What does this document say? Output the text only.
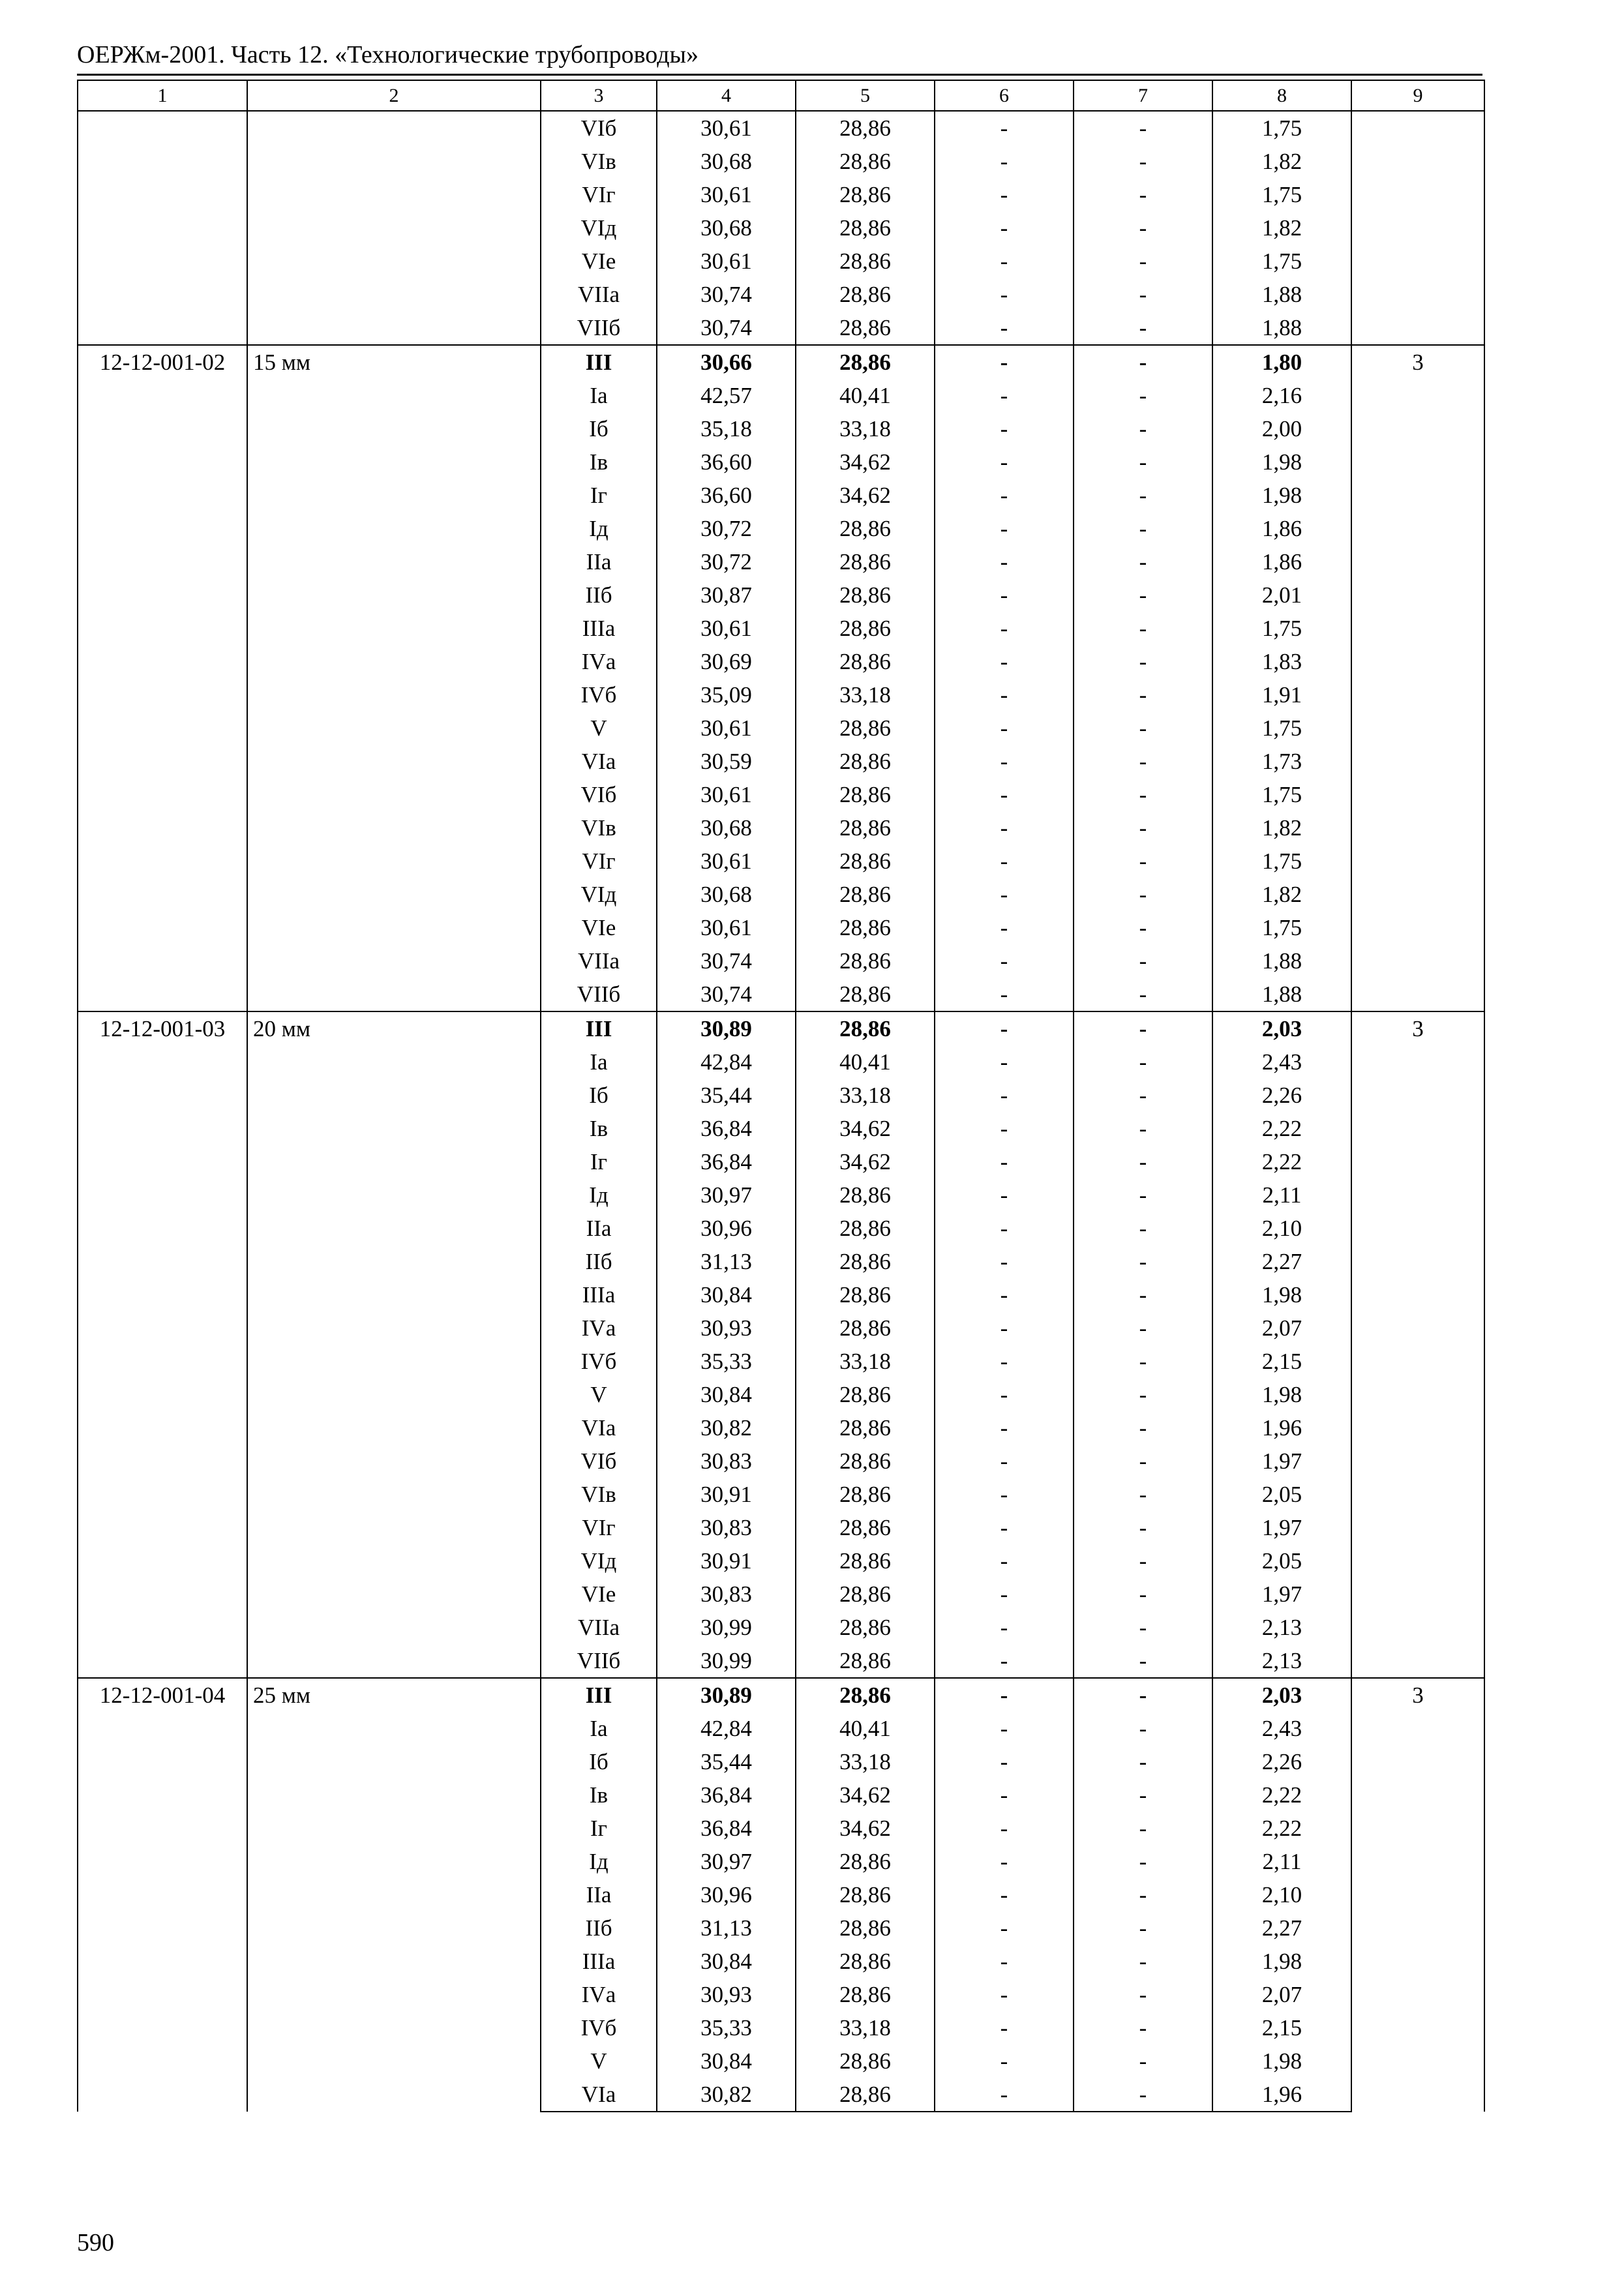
ОЕРЖм-2001. Часть 12. «Технологические трубопроводы»
1	2	3	4	5	6	7	8	9
		VIб	30,61	28,86	-	-	1,75	
		VIв	30,68	28,86	-	-	1,82	
		VIг	30,61	28,86	-	-	1,75	
		VIд	30,68	28,86	-	-	1,82	
		VIе	30,61	28,86	-	-	1,75	
		VIIа	30,74	28,86	-	-	1,88	
		VIIб	30,74	28,86	-	-	1,88	
12-12-001-02	15 мм	III	30,66	28,86	-	-	1,80	3
		Iа	42,57	40,41	-	-	2,16	
		Iб	35,18	33,18	-	-	2,00	
		Iв	36,60	34,62	-	-	1,98	
		Iг	36,60	34,62	-	-	1,98	
		Iд	30,72	28,86	-	-	1,86	
		IIа	30,72	28,86	-	-	1,86	
		IIб	30,87	28,86	-	-	2,01	
		IIIа	30,61	28,86	-	-	1,75	
		IVа	30,69	28,86	-	-	1,83	
		IVб	35,09	33,18	-	-	1,91	
		V	30,61	28,86	-	-	1,75	
		VIа	30,59	28,86	-	-	1,73	
		VIб	30,61	28,86	-	-	1,75	
		VIв	30,68	28,86	-	-	1,82	
		VIг	30,61	28,86	-	-	1,75	
		VIд	30,68	28,86	-	-	1,82	
		VIе	30,61	28,86	-	-	1,75	
		VIIа	30,74	28,86	-	-	1,88	
		VIIб	30,74	28,86	-	-	1,88	
12-12-001-03	20 мм	III	30,89	28,86	-	-	2,03	3
		Iа	42,84	40,41	-	-	2,43	
		Iб	35,44	33,18	-	-	2,26	
		Iв	36,84	34,62	-	-	2,22	
		Iг	36,84	34,62	-	-	2,22	
		Iд	30,97	28,86	-	-	2,11	
		IIа	30,96	28,86	-	-	2,10	
		IIб	31,13	28,86	-	-	2,27	
		IIIа	30,84	28,86	-	-	1,98	
		IVа	30,93	28,86	-	-	2,07	
		IVб	35,33	33,18	-	-	2,15	
		V	30,84	28,86	-	-	1,98	
		VIа	30,82	28,86	-	-	1,96	
		VIб	30,83	28,86	-	-	1,97	
		VIв	30,91	28,86	-	-	2,05	
		VIг	30,83	28,86	-	-	1,97	
		VIд	30,91	28,86	-	-	2,05	
		VIе	30,83	28,86	-	-	1,97	
		VIIа	30,99	28,86	-	-	2,13	
		VIIб	30,99	28,86	-	-	2,13	
12-12-001-04	25 мм	III	30,89	28,86	-	-	2,03	3
		Iа	42,84	40,41	-	-	2,43	
		Iб	35,44	33,18	-	-	2,26	
		Iв	36,84	34,62	-	-	2,22	
		Iг	36,84	34,62	-	-	2,22	
		Iд	30,97	28,86	-	-	2,11	
		IIа	30,96	28,86	-	-	2,10	
		IIб	31,13	28,86	-	-	2,27	
		IIIа	30,84	28,86	-	-	1,98	
		IVа	30,93	28,86	-	-	2,07	
		IVб	35,33	33,18	-	-	2,15	
		V	30,84	28,86	-	-	1,98	
		VIа	30,82	28,86	-	-	1,96	
590
